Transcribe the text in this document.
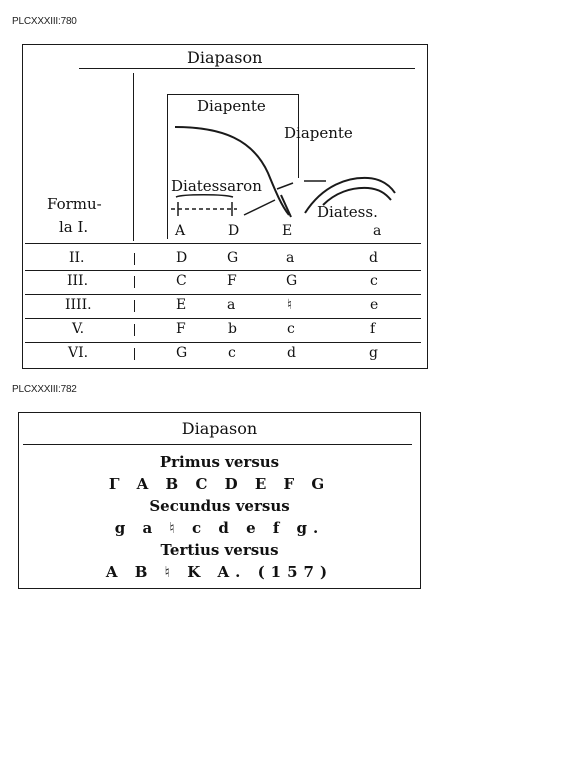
PLCXXXIII:780
Diapason
Diapente
Diapente
Diatessaron
Diatess.
Formu-
la I.	A	D	E	a
II.	D	G	a	d
III.	C	F	G	c
IIII.	E	a	♮	e
V.	F	b	c	f
VI.	G	c	d	g
PLCXXXIII:782
Diapason
Primus versus
Γ A B C D E F G
Secundus versus
g a ♮ c d e f g.
Tertius versus
A B ♮ K A. (157)
